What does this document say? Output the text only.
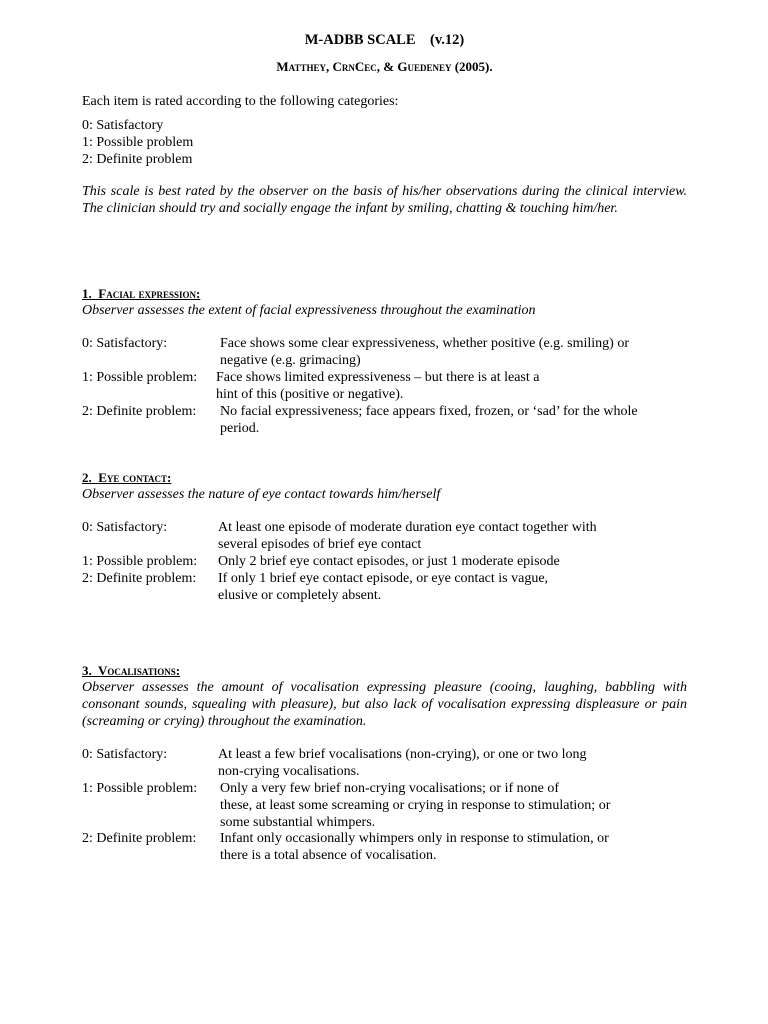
M-ADBB SCALE    (v.12)
Matthey, CrnCec, & Guedeney (2005).
Each item is rated according to the following categories:
0: Satisfactory
1: Possible problem
2: Definite problem
This scale is best rated by the observer on the basis of his/her observations during the clinical interview. The clinician should try and socially engage the infant by smiling, chatting & touching him/her.
1. Facial expression:
Observer assesses the extent of facial expressiveness throughout the examination
0: Satisfactory:	Face shows some clear expressiveness, whether positive (e.g. smiling) or
negative (e.g. grimacing)
1: Possible problem: Face shows limited expressiveness – but there is at least a
hint of this (positive or negative).
2: Definite problem: No facial expressiveness; face appears fixed, frozen, or ‘sad’ for the whole
period.
2. Eye contact:
Observer assesses the nature of eye contact towards him/herself
0: Satisfactory:	At least one episode of moderate duration eye contact together with
several episodes of brief eye contact
1: Possible problem: Only 2 brief eye contact episodes, or just 1 moderate episode
2: Definite problem: If only 1 brief eye contact episode, or eye contact is vague,
elusive or completely absent.
3. Vocalisations:
Observer assesses the amount of vocalisation expressing pleasure (cooing, laughing, babbling with consonant sounds, squealing with pleasure), but also lack of vocalisation expressing displeasure or pain (screaming or crying) throughout the examination.
0: Satisfactory:	At least a few brief vocalisations (non-crying), or one or two long
non-crying vocalisations.
1: Possible problem: Only a very few brief non-crying vocalisations; or if none of
these, at least some screaming or crying in response to stimulation; or
some substantial whimpers.
2: Definite problem: Infant only occasionally whimpers only in response to stimulation, or
there is a total absence of vocalisation.
